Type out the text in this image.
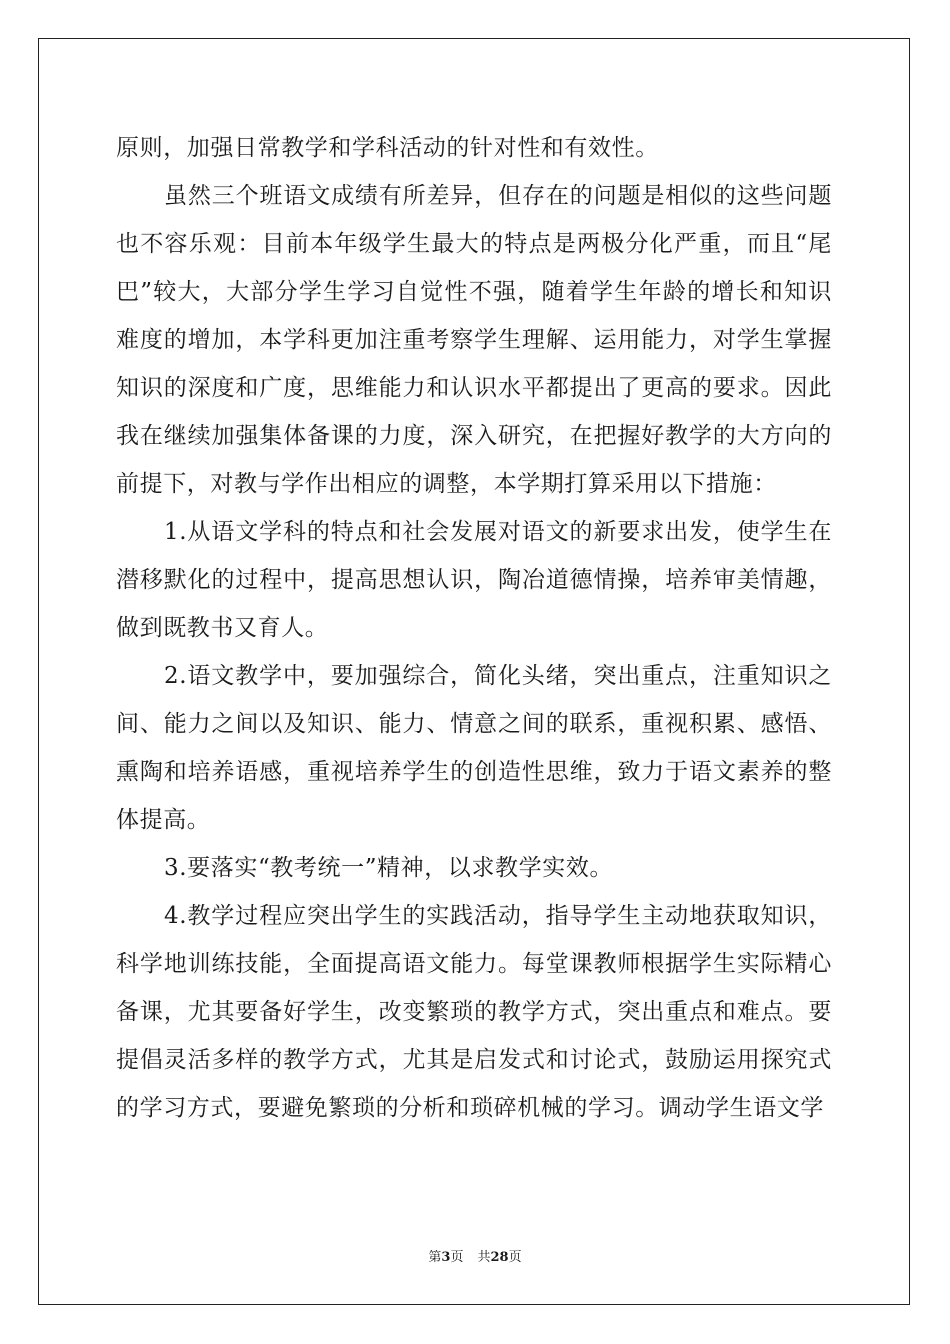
原则，加强日常教学和学科活动的针对性和有效性。

虽然三个班语文成绩有所差异，但存在的问题是相似的这些问题也不容乐观：目前本年级学生最大的特点是两极分化严重，而且“尾巴”较大，大部分学生学习自觉性不强，随着学生年龄的增长和知识难度的增加，本学科更加注重考察学生理解、运用能力，对学生掌握知识的深度和广度，思维能力和认识水平都提出了更高的要求。因此我在继续加强集体备课的力度，深入研究，在把握好教学的大方向的前提下，对教与学作出相应的调整，本学期打算采用以下措施：

1.从语文学科的特点和社会发展对语文的新要求出发，使学生在潜移默化的过程中，提高思想认识，陶冶道德情操，培养审美情趣，做到既教书又育人。

2.语文教学中，要加强综合，简化头绪，突出重点，注重知识之间、能力之间以及知识、能力、情意之间的联系，重视积累、感悟、熏陶和培养语感，重视培养学生的创造性思维，致力于语文素养的整体提高。

3.要落实“教考统一”精神，以求教学实效。

4.教学过程应突出学生的实践活动，指导学生主动地获取知识，科学地训练技能，全面提高语文能力。每堂课教师根据学生实际精心备课，尤其要备好学生，改变繁琐的教学方式，突出重点和难点。要提倡灵活多样的教学方式，尤其是启发式和讨论式，鼓励运用探究式的学习方式，要避免繁琐的分析和琐碎机械的学习。调动学生语文学

第3页 共28页
